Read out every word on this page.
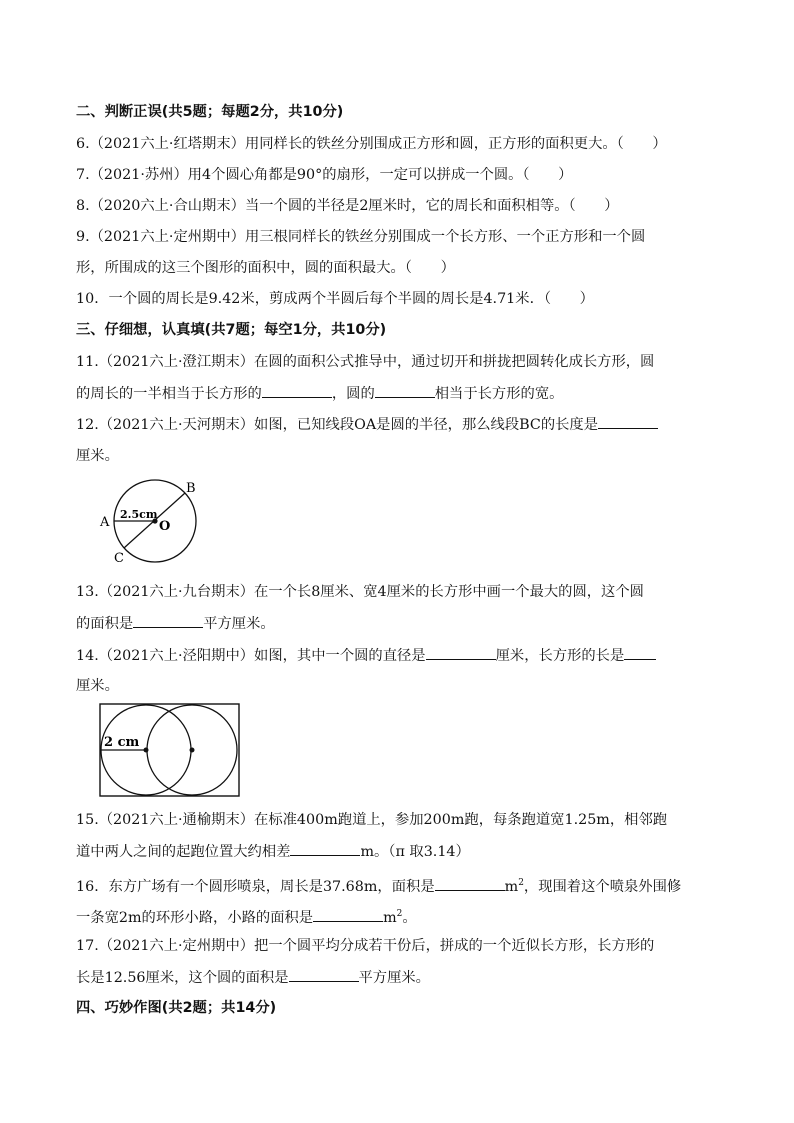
二、判断正误(共5题；每题2分，共10分)
6.（2021六上·红塔期末）用同样长的铁丝分别围成正方形和圆，正方形的面积更大。（　　）
7.（2021·苏州）用4个圆心角都是90°的扇形，一定可以拼成一个圆。（　　）
8.（2020六上·合山期末）当一个圆的半径是2厘米时，它的周长和面积相等。（　　）
9.（2021六上·定州期中）用三根同样长的铁丝分别围成一个长方形、一个正方形和一个圆
形，所围成的这三个图形的面积中，圆的面积最大。（　　）
10．一个圆的周长是9.42米，剪成两个半圆后每个半圆的周长是4.71米．（　　）
三、仔细想，认真填(共7题；每空1分，共10分)
11.（2021六上·澄江期末）在圆的面积公式推导中，通过切开和拼拢把圆转化成长方形，圆
的周长的一半相当于长方形的	，圆的	相当于长方形的宽。
12.（2021六上·天河期末）如图，已知线段OA是圆的半径，那么线段BC的长度是
厘米。
A
B
C
O
2.5cm
13.（2021六上·九台期末）在一个长8厘米、宽4厘米的长方形中画一个最大的圆，这个圆
的面积是	平方厘米。
14.（2021六上·泾阳期中）如图，其中一个圆的直径是	厘米，长方形的长是
厘米。
2 cm
15.（2021六上·通榆期末）在标准400m跑道上，参加200m跑，每条跑道宽1.25m，相邻跑
道中两人之间的起跑位置大约相差	m。（π 取3.14）
16．东方广场有一个圆形喷泉，周长是37.68m，面积是	$m^2$，现围着这个喷泉外围修
一条宽2m的环形小路，小路的面积是	$m^2$。
17.（2021六上·定州期中）把一个圆平均分成若干份后，拼成的一个近似长方形，长方形的
长是12.56厘米，这个圆的面积是	平方厘米。
四、巧妙作图(共2题；共14分)
